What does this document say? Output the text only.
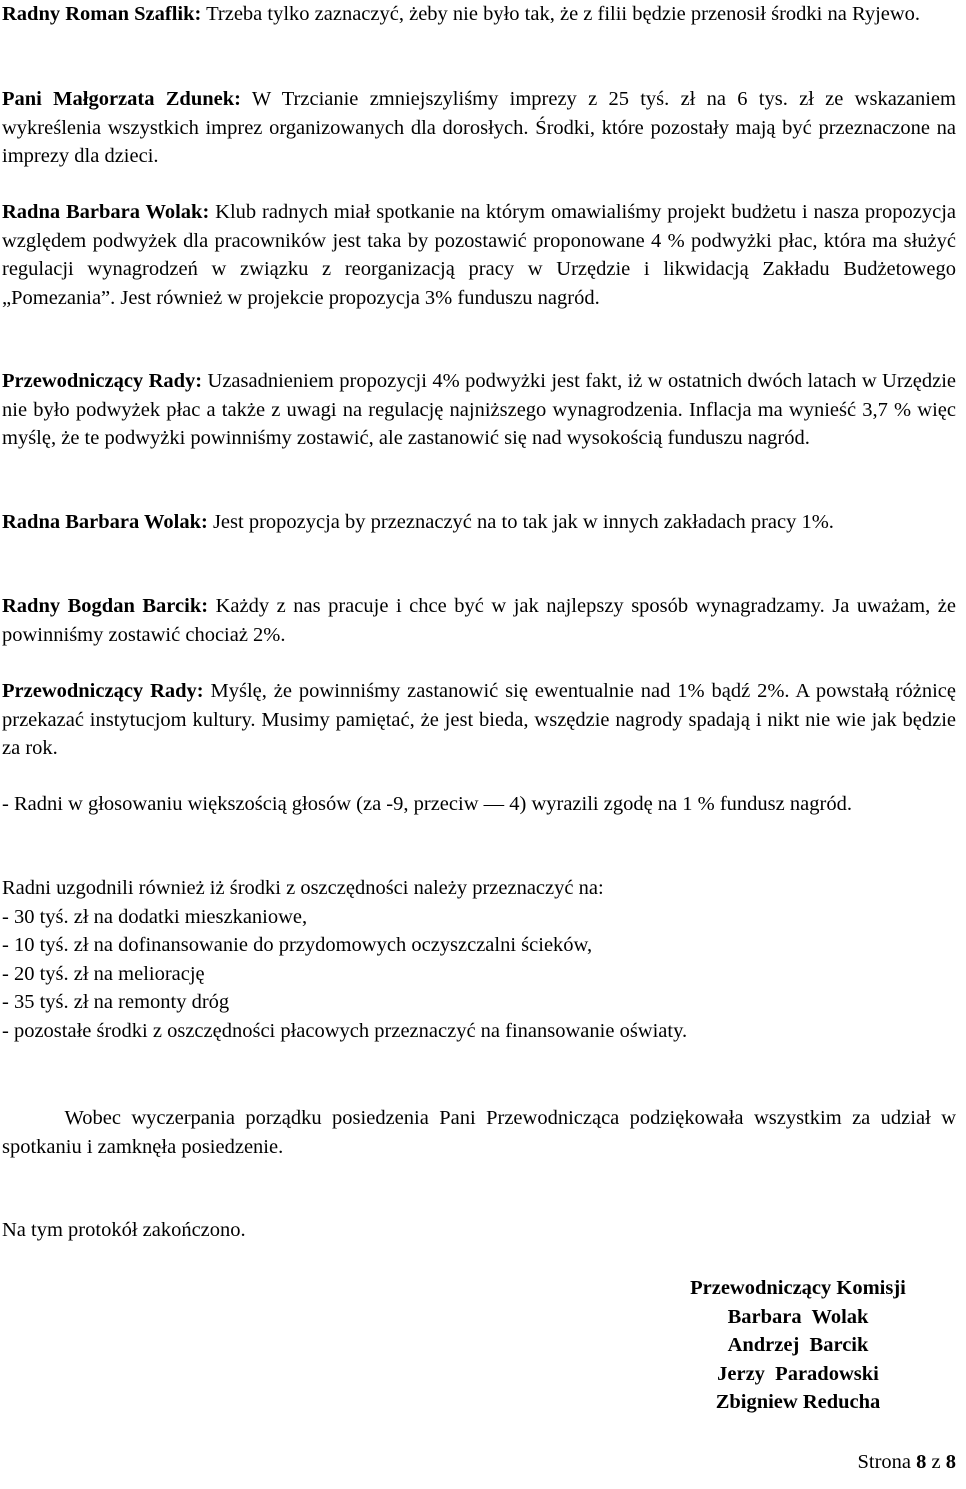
Radny Roman Szaflik: Trzeba tylko zaznaczyć, żeby nie było tak, że z filii będzie przenosił środki na Ryjewo.

Pani Małgorzata Zdunek: W Trzcianie zmniejszyliśmy imprezy z 25 tyś. zł na 6 tys. zł ze wskazaniem wykreślenia wszystkich imprez organizowanych dla dorosłych. Środki, które pozostały mają być przeznaczone na imprezy dla dzieci.

Radna Barbara Wolak: Klub radnych miał spotkanie na którym omawialiśmy projekt budżetu i nasza propozycja względem podwyżek dla pracowników jest taka by pozostawić proponowane 4 % podwyżki płac, która ma służyć regulacji wynagrodzeń w związku z reorganizacją pracy w Urzędzie i likwidacją Zakładu Budżetowego „Pomezania”. Jest również w projekcie propozycja 3% funduszu nagród.

Przewodniczący Rady: Uzasadnieniem propozycji 4% podwyżki jest fakt, iż w ostatnich dwóch latach w Urzędzie nie było podwyżek płac a także z uwagi na regulację najniższego wynagrodzenia. Inflacja ma wynieść 3,7 % więc myślę, że te podwyżki powinniśmy zostawić, ale zastanowić się nad wysokością funduszu nagród.

Radna Barbara Wolak: Jest propozycja by przeznaczyć na to tak jak w innych zakładach pracy 1%.

Radny Bogdan Barcik: Każdy z nas pracuje i chce być w jak najlepszy sposób wynagradzamy. Ja uważam, że powinniśmy zostawić chociaż 2%.

Przewodniczący Rady: Myślę, że powinniśmy zastanowić się ewentualnie nad 1% bądź 2%. A powstałą różnicę przekazać instytucjom kultury. Musimy pamiętać, że jest bieda, wszędzie nagrody spadają i nikt nie wie jak będzie za rok.

- Radni w głosowaniu większością głosów (za -9, przeciw — 4) wyrazili zgodę na 1 % fundusz nagród.

Radni uzgodnili również iż środki z oszczędności należy przeznaczyć na:
- 30 tyś. zł na dodatki mieszkaniowe,
- 10 tyś. zł na dofinansowanie do przydomowych oczyszczalni ścieków,
- 20 tyś. zł na meliorację
- 35 tyś. zł na remonty dróg
- pozostałe środki z oszczędności płacowych przeznaczyć na finansowanie oświaty.

Wobec wyczerpania porządku posiedzenia Pani Przewodnicząca podziękowała wszystkim za udział w spotkaniu i zamknęła posiedzenie.

Na tym protokół zakończono.

Przewodniczący Komisji
Barbara  Wolak
Andrzej  Barcik
Jerzy  Paradowski
Zbigniew Reducha
Strona 8 z 8
